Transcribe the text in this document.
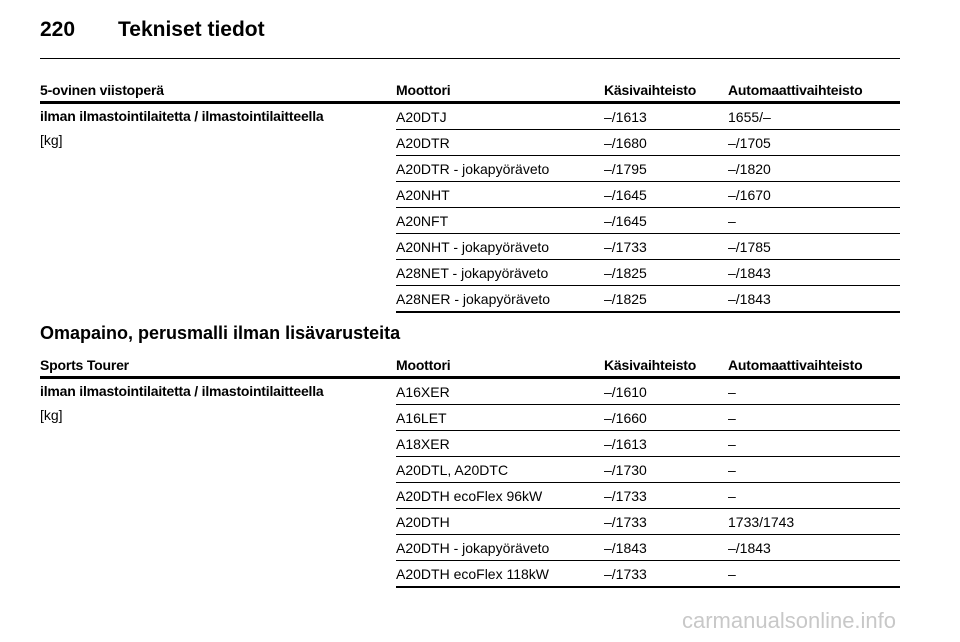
220 Tekniset tiedot
5-ovinen viistoperä	Moottori	Käsivaihteisto	Automaattivaihteisto

ilman ilmastointilaitetta / ilmastointilaitteella
[kg]	A20DTJ	–/1613	1655/–
	A20DTR	–/1680	–/1705
	A20DTR - jokapyöräveto	–/1795	–/1820
	A20NHT	–/1645	–/1670
	A20NFT	–/1645	–
	A20NHT - jokapyöräveto	–/1733	–/1785
	A28NET - jokapyöräveto	–/1825	–/1843
	A28NER - jokapyöräveto	–/1825	–/1843
Omapaino, perusmalli ilman lisävarusteita
Sports Tourer	Moottori	Käsivaihteisto	Automaattivaihteisto

ilman ilmastointilaitetta / ilmastointilaitteella
[kg]	A16XER	–/1610	–
	A16LET	–/1660	–
	A18XER	–/1613	–
	A20DTL, A20DTC	–/1730	–
	A20DTH ecoFlex 96kW	–/1733	–
	A20DTH	–/1733	1733/1743
	A20DTH - jokapyöräveto	–/1843	–/1843
	A20DTH ecoFlex 118kW	–/1733	–
carmanualsonline.info
